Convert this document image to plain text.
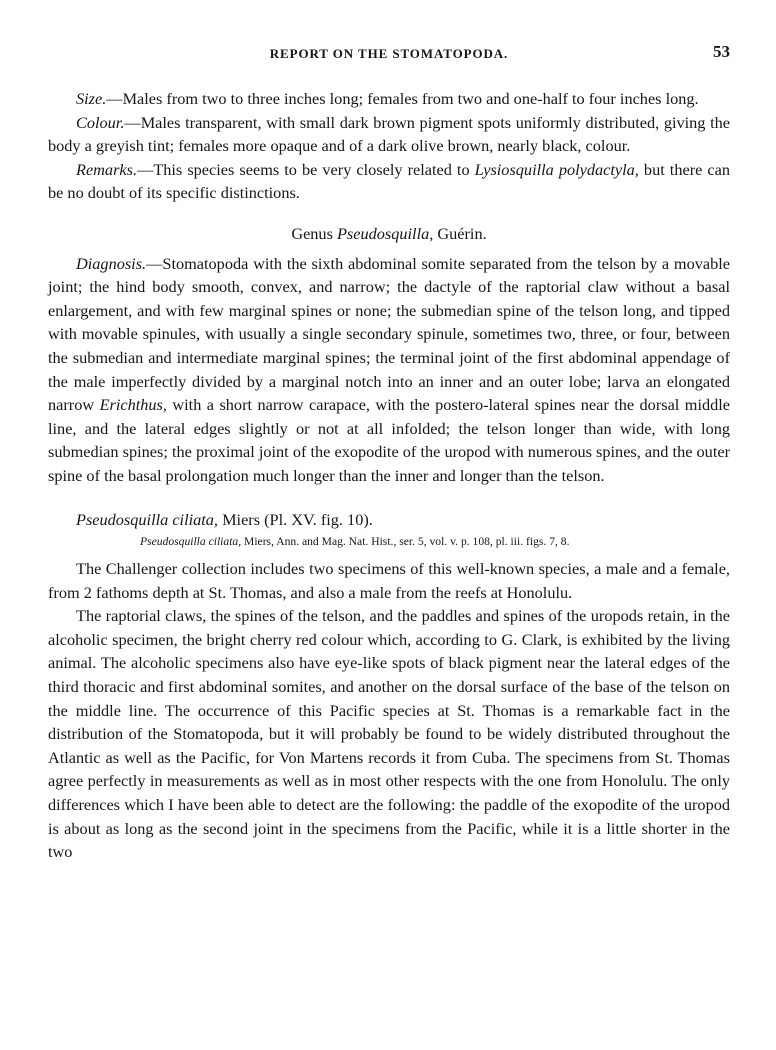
REPORT ON THE STOMATOPODA.	53

Size.—Males from two to three inches long; females from two and one-half to four inches long.

Colour.—Males transparent, with small dark brown pigment spots uniformly distributed, giving the body a greyish tint; females more opaque and of a dark olive brown, nearly black, colour.

Remarks.—This species seems to be very closely related to Lysiosquilla polydactyla, but there can be no doubt of its specific distinctions.

Genus Pseudosquilla, Guérin.

Diagnosis.—Stomatopoda with the sixth abdominal somite separated from the telson by a movable joint; the hind body smooth, convex, and narrow; the dactyle of the raptorial claw without a basal enlargement, and with few marginal spines or none; the submedian spine of the telson long, and tipped with movable spinules, with usually a single secondary spinule, sometimes two, three, or four, between the submedian and intermediate marginal spines; the terminal joint of the first abdominal appendage of the male imperfectly divided by a marginal notch into an inner and an outer lobe; larva an elongated narrow Erichthus, with a short narrow carapace, with the postero-lateral spines near the dorsal middle line, and the lateral edges slightly or not at all infolded; the telson longer than wide, with long submedian spines; the proximal joint of the exopodite of the uropod with numerous spines, and the outer spine of the basal prolongation much longer than the inner and longer than the telson.

Pseudosquilla ciliata, Miers (Pl. XV. fig. 10).

Pseudosquilla ciliata, Miers, Ann. and Mag. Nat. Hist., ser. 5, vol. v. p. 108, pl. iii. figs. 7, 8.

The Challenger collection includes two specimens of this well-known species, a male and a female, from 2 fathoms depth at St. Thomas, and also a male from the reefs at Honolulu.

The raptorial claws, the spines of the telson, and the paddles and spines of the uropods retain, in the alcoholic specimen, the bright cherry red colour which, according to G. Clark, is exhibited by the living animal. The alcoholic specimens also have eye-like spots of black pigment near the lateral edges of the third thoracic and first abdominal somites, and another on the dorsal surface of the base of the telson on the middle line. The occurrence of this Pacific species at St. Thomas is a remarkable fact in the distribution of the Stomatopoda, but it will probably be found to be widely distributed throughout the Atlantic as well as the Pacific, for Von Martens records it from Cuba. The specimens from St. Thomas agree perfectly in measurements as well as in most other respects with the one from Honolulu. The only differences which I have been able to detect are the following: the paddle of the exopodite of the uropod is about as long as the second joint in the specimens from the Pacific, while it is a little shorter in the two
